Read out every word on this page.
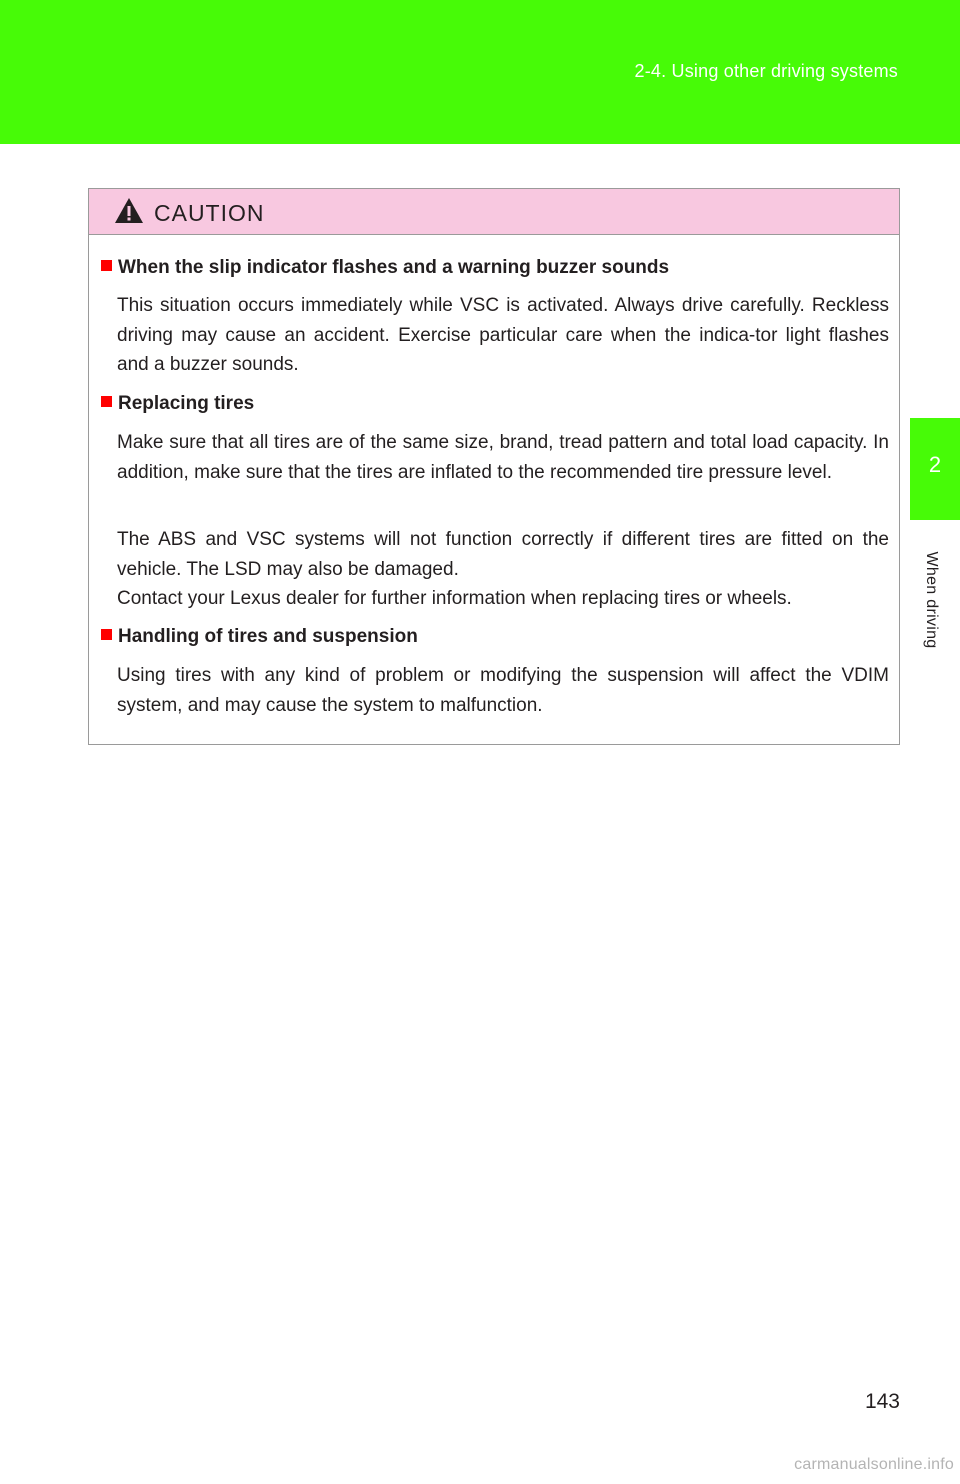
2-4. Using other driving systems
2
When driving
CAUTION
When the slip indicator flashes and a warning buzzer sounds
This situation occurs immediately while VSC is activated. Always drive carefully. Reckless driving may cause an accident. Exercise particular care when the indica-tor light flashes and a buzzer sounds.
Replacing tires
Make sure that all tires are of the same size, brand, tread pattern and total load capacity. In addition, make sure that the tires are inflated to the recommended tire pressure level.
The ABS and VSC systems will not function correctly if different tires are fitted on the vehicle. The LSD may also be damaged.
Contact your Lexus dealer for further information when replacing tires or wheels.
Handling of tires and suspension
Using tires with any kind of problem or modifying the suspension will affect the VDIM system, and may cause the system to malfunction.
143
carmanualsonline.info
